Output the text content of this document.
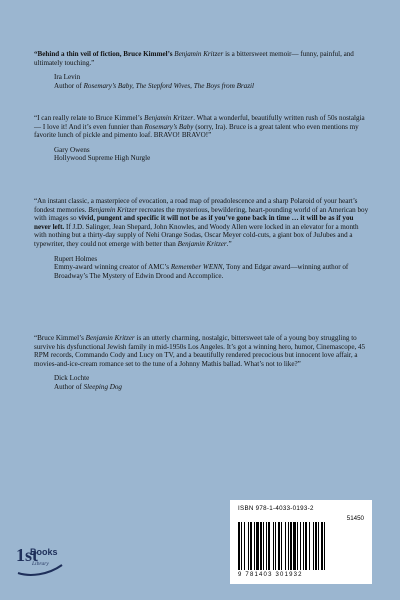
“Behind a thin veil of fiction, Bruce Kimmel’s Benjamin Kritzer is a bittersweet memoir— funny, painful, and ultimately touching.”

Ira Levin
Author of Rosemary’s Baby, The Stepford Wives, The Boys from Brazil

“I can really relate to Bruce Kimmel’s Benjamin Kritzer. What a wonderful, beautifully written rush of 50s nostalgia— I love it! And it’s even funnier than Rosemary’s Baby (sorry, Ira). Bruce is a great talent who even mentions my favorite lunch of pickle and pimento loaf. BRAVO! BRAVO!”

Gary Owens
Hollywood Supreme High Nurgle

“An instant classic, a masterpiece of evocation, a road map of preadolescence and a sharp Polaroid of your heart’s fondest memories. Benjamin Kritzer recreates the mysterious, bewildering, heart-pounding world of an American boy with images so vivid, pungent and specific it will not be as if you’ve gone back in time … it will be as if you never left. If J.D. Salinger, Jean Shepard, John Knowles, and Woody Allen were locked in an elevator for a month with nothing but a thirty-day supply of Nehi Orange Sodas, Oscar Meyer cold-cuts, a giant box of JuJubes and a typewriter, they could not emerge with better than Benjamin Kritzer.”

Rupert Holmes
Emmy-award winning creator of AMC’s Remember WENN, Tony and Edgar award—winning author of Broadway’s The Mystery of Edwin Drood and Accomplice.

“Bruce Kimmel’s Benjamin Kritzer is an utterly charming, nostalgic, bittersweet tale of a young boy struggling to survive his dysfunctional Jewish family in mid-1950s Los Angeles. It’s got a winning hero, humor, Cinemascope, 45 RPM records, Commando Cody and Lucy on TV, and a beautifully rendered precocious but innocent love affair, a movies-and-ice-cream romance set to the tune of a Johnny Mathis ballad. What’s not to like?”

Dick Lochte
Author of Sleeping Dog
1st
Books
Library
ISBN 978-1-4033-0193-2
51450
9 781403 301932
